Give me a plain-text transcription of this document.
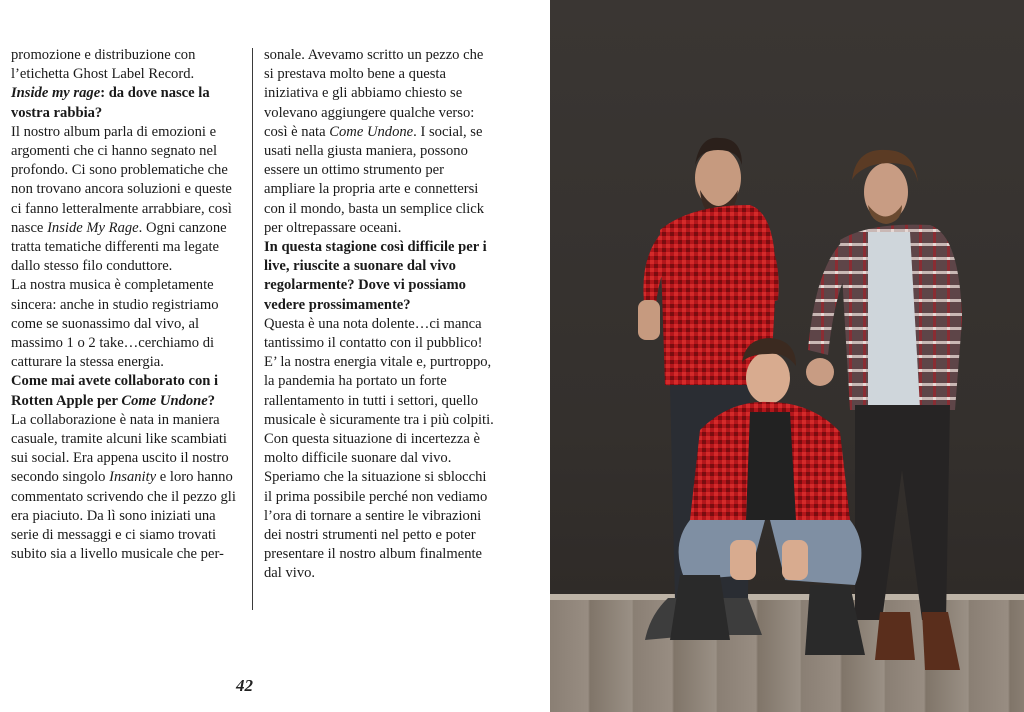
promozione e distribuzione con l’etichetta Ghost Label Record.

Inside my rage: da dove nasce la vostra rabbia?

Il nostro album parla di emozioni e argomenti che ci hanno segnato nel profondo. Ci sono problematiche che non trovano ancora soluzioni e queste ci fanno letteralmente arrabbiare, così nasce Inside My Rage. Ogni canzone tratta tematiche differenti ma legate dallo stesso filo conduttore.

La nostra musica è completamente sincera: anche in studio registriamo come se suonassimo dal vivo, al massimo 1 o 2 take…cerchiamo di catturare la stessa energia.

Come mai avete collaborato con i Rotten Apple per Come Undone?

La collaborazione è nata in maniera casuale, tramite alcuni like scambiati sui social. Era appena uscito il nostro secondo singolo Insanity e loro hanno commentato scrivendo che il pezzo gli era piaciuto. Da lì sono iniziati una serie di messaggi e ci siamo trovati subito sia a livello musicale che per-

sonale. Avevamo scritto un pezzo che si prestava molto bene a questa iniziativa e gli abbiamo chiesto se volevano aggiungere qualche verso: così è nata Come Undone. I social, se usati nella giusta maniera, possono essere un ottimo strumento per ampliare la propria arte e connettersi con il mondo, basta un semplice click per oltrepassare oceani.

In questa stagione così difficile per i live, riuscite a suonare dal vivo regolarmente? Dove vi possiamo vedere prossimamente?

Questa è una nota dolente…ci manca tantissimo il contatto con il pubblico! E’ la nostra energia vitale e, purtroppo, la pandemia ha portato un forte rallentamento in tutti i settori, quello musicale è sicuramente tra i più colpiti.

Con questa situazione di incertezza è molto difficile suonare dal vivo. Speriamo che la situazione si sblocchi il prima possibile perché non vediamo l’ora di tornare a sentire le vibrazioni dei nostri strumenti nel petto e poter presentare il nostro album finalmente dal vivo.

42
